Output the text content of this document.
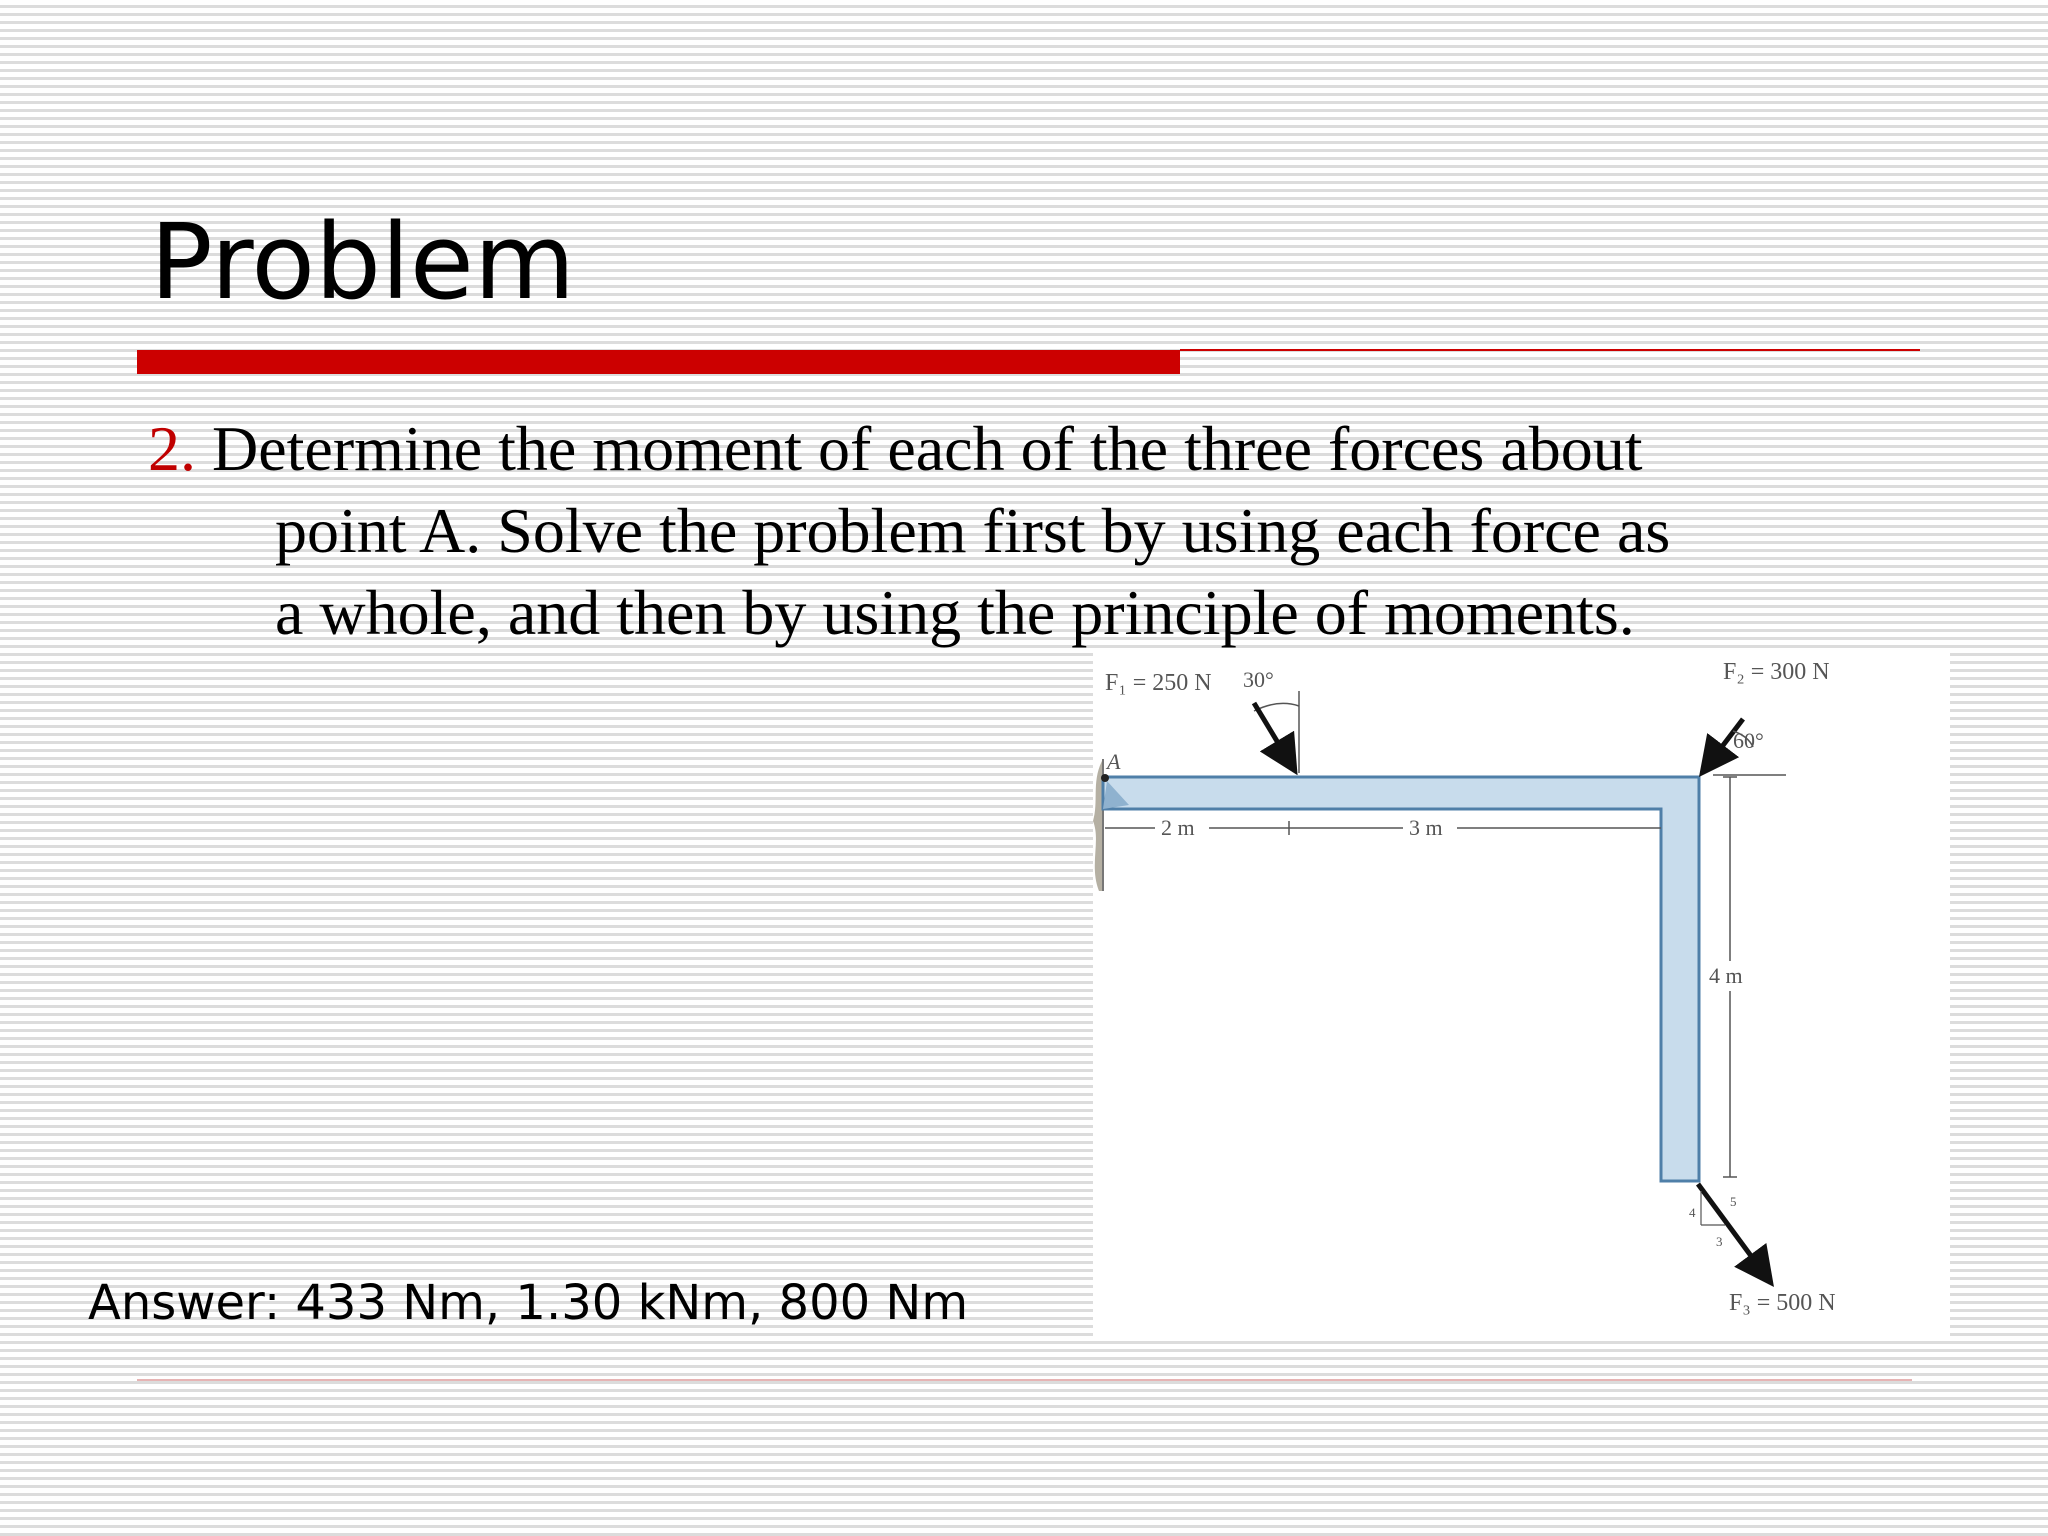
Problem
2. Determine the moment of each of the three forces about
point A. Solve the problem first by using each force as
a whole, and then by using the principle of moments.
A
F₁ = 250 N 30°	F₂ = 300 N
60°
2 m	3 m
4 m
5
4
3
F₃ = 500 N
Answer: 433 Nm, 1.30 kNm, 800 Nm
